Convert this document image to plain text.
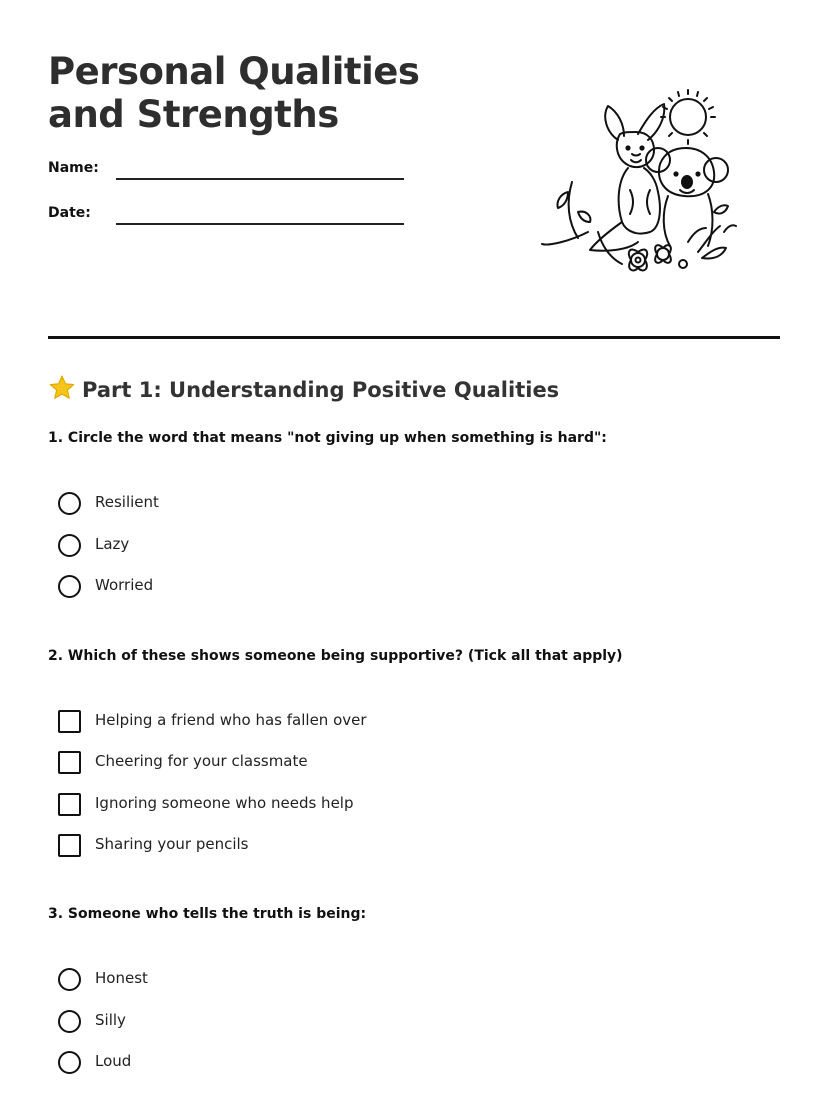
Personal Qualities and Strengths
Name:
Date:
Part 1: Understanding Positive Qualities

1. Circle the word that means "not giving up when something is hard":

Resilient
Lazy
Worried

2. Which of these shows someone being supportive? (Tick all that apply)

Helping a friend who has fallen over
Cheering for your classmate
Ignoring someone who needs help
Sharing your pencils

3. Someone who tells the truth is being:

Honest
Silly
Loud
